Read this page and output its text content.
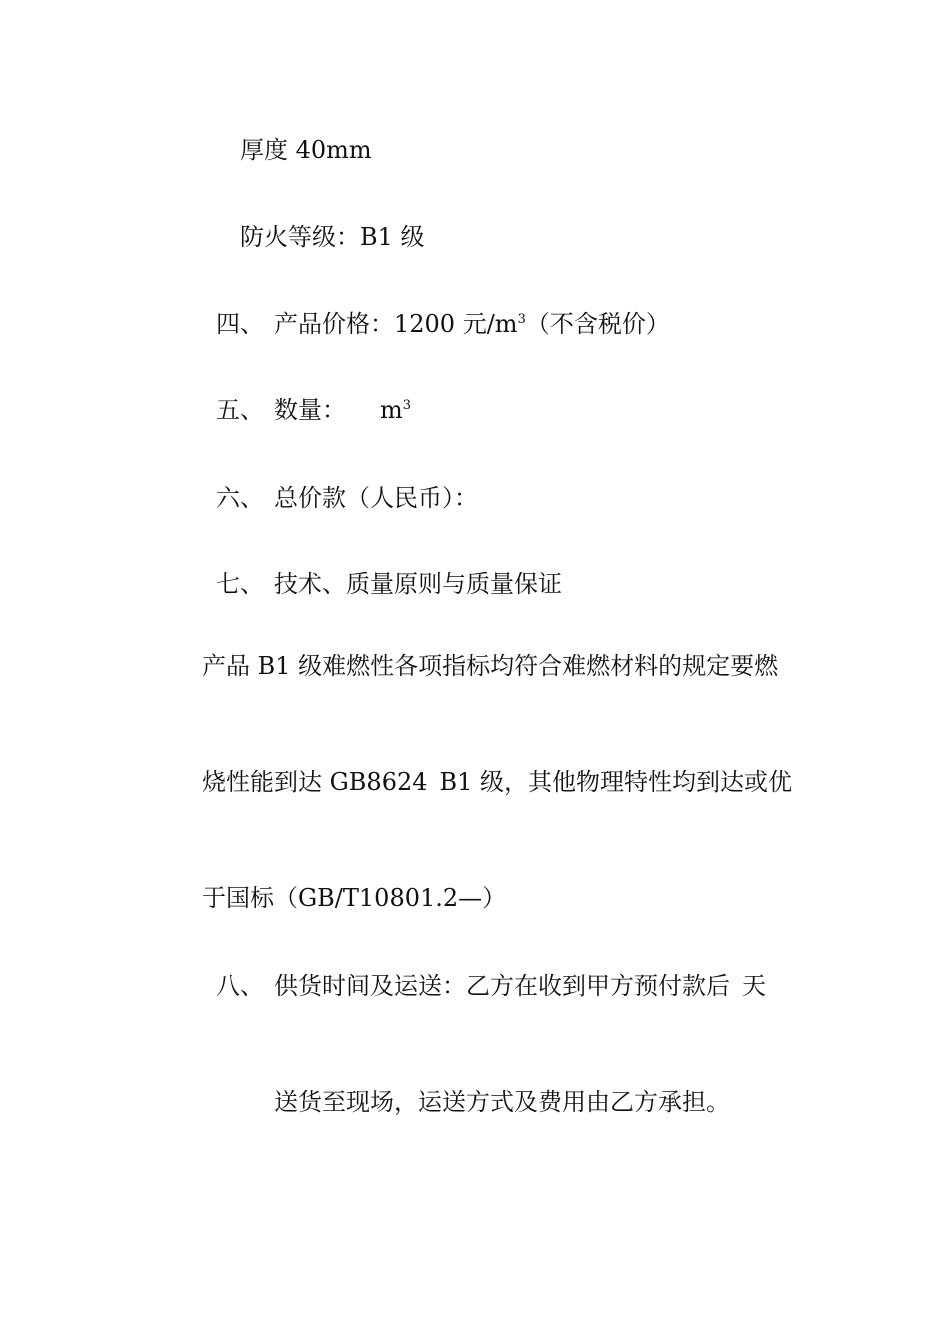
厚度 40mm
防火等级：B1 级
四、 产品价格：1200 元$/m^3$（不含税价）
五、 数量： $m^3$
六、 总价款（人民币）：
七、 技术、质量原则与质量保证
产品 B1 级难燃性各项指标均符合难燃材料的规定要燃
烧性能到达 GB8624 B1 级，其他物理特性均到达或优
于国标（GB/T10801.2—）
八、 供货时间及运送：乙方在收到甲方预付款后 天
送货至现场，运送方式及费用由乙方承担。
